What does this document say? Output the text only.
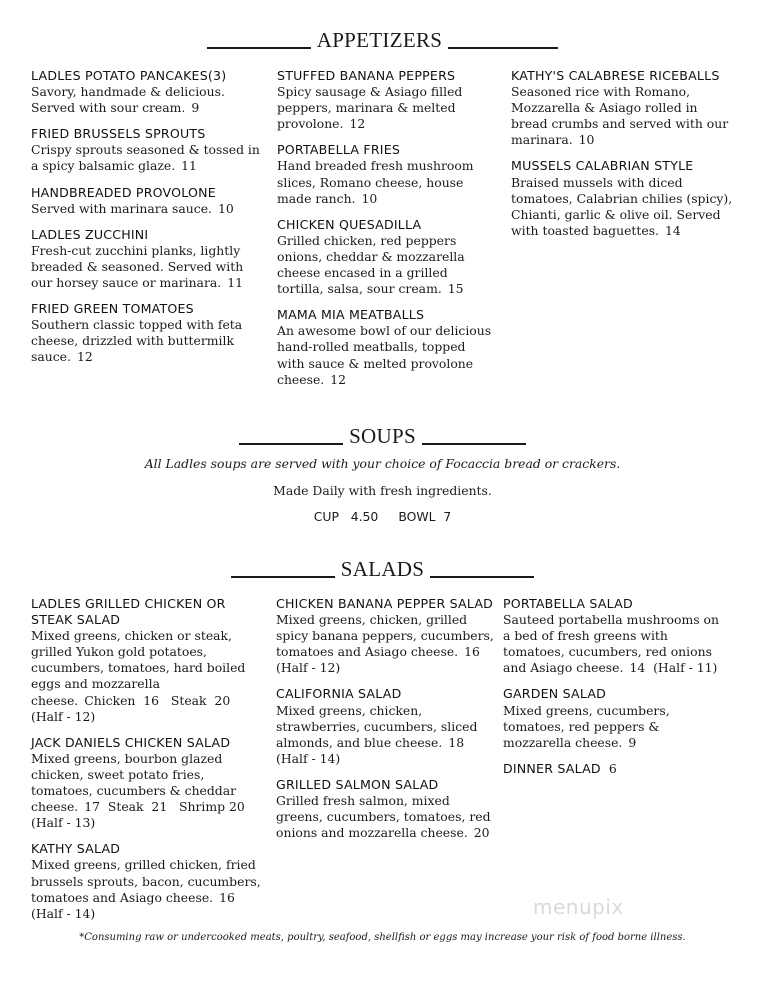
APPETIZERS
LADLES POTATO PANCAKES(3)
Savory, handmade & delicious. Served with sour cream. 9
FRIED BRUSSELS SPROUTS
Crispy sprouts seasoned & tossed in a spicy balsamic glaze. 11
HANDBREADED PROVOLONE
Served with marinara sauce. 10
LADLES ZUCCHINI
Fresh-cut zucchini planks, lightly breaded & seasoned. Served with our horsey sauce or marinara. 11
FRIED GREEN TOMATOES
Southern classic topped with feta cheese, drizzled with buttermilk sauce. 12
STUFFED BANANA PEPPERS
Spicy sausage & Asiago filled peppers, marinara & melted provolone. 12
PORTABELLA FRIES
Hand breaded fresh mushroom slices, Romano cheese, house made ranch. 10
CHICKEN QUESADILLA
Grilled chicken, red peppers onions, cheddar & mozzarella cheese encased in a grilled tortilla, salsa, sour cream. 15
MAMA MIA MEATBALLS
An awesome bowl of our delicious hand-rolled meatballs, topped with sauce & melted provolone cheese. 12
KATHY'S CALABRESE RICEBALLS
Seasoned rice with Romano, Mozzarella & Asiago rolled in bread crumbs and served with our marinara. 10
MUSSELS CALABRIAN STYLE
Braised mussels with diced tomatoes, Calabrian chilies (spicy), Chianti, garlic & olive oil. Served with toasted baguettes. 14
SOUPS
All Ladles soups are served with your choice of Focaccia bread or crackers.
Made Daily with fresh ingredients.
CUP   4.50 BOWL  7
SALADS
LADLES GRILLED CHICKEN OR STEAK SALAD
Mixed greens, chicken or steak, grilled Yukon gold potatoes, cucumbers, tomatoes, hard boiled eggs and mozzarella cheese. Chicken  16   Steak  20  (Half - 12)
JACK DANIELS CHICKEN SALAD
Mixed greens, bourbon glazed chicken, sweet potato fries, tomatoes, cucumbers & cheddar cheese. 17  Steak  21   Shrimp 20  (Half - 13)
KATHY SALAD
Mixed greens, grilled chicken, fried brussels sprouts, bacon, cucumbers, tomatoes and Asiago cheese. 16  (Half - 14)
CHICKEN BANANA PEPPER SALAD
Mixed greens, chicken, grilled spicy banana peppers, cucumbers, tomatoes and Asiago cheese. 16  (Half - 12)
CALIFORNIA SALAD
Mixed greens, chicken, strawberries, cucumbers, sliced almonds, and blue cheese. 18  (Half - 14)
GRILLED SALMON SALAD
Grilled fresh salmon, mixed greens, cucumbers, tomatoes, red onions and mozzarella cheese. 20
PORTABELLA SALAD
Sauteed portabella mushrooms on a bed of fresh greens with tomatoes, cucumbers, red onions and Asiago cheese. 14  (Half - 11)
GARDEN SALAD
Mixed greens, cucumbers, tomatoes, red peppers & mozzarella cheese. 9
DINNER SALAD 6
menupix
*Consuming raw or undercooked meats, poultry, seafood, shellfish or eggs may increase your risk of food borne illness.
